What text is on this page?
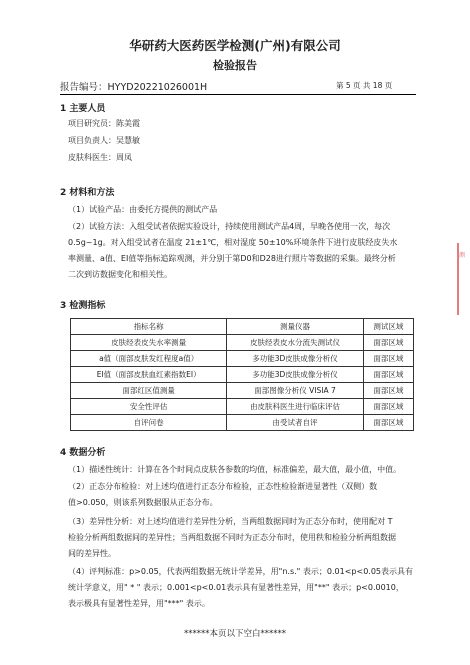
华研药大医药医学检测(广州)有限公司
检验报告
报告编号：HYYD20221026001H	第 5 页 共 18 页
1 主要人员
项目研究员：陈美霞
项目负责人：吴慧敏
皮肤科医生：周凤
2 材料和方法
（1）试验产品：由委托方提供的测试产品
（2）试验方法：入组受试者依据实验设计，持续使用测试产品4周，早晚各使用一次，每次
0.5g~1g。对入组受试者在温度 21±1℃，相对湿度 50±10%环境条件下进行皮肤经皮失水
率测量、a值、EI值等指标追踪观测，并分别于第D0和D28进行照片等数据的采集。最终分析
二次到访数据变化和相关性。
3 检测指标
指标名称	测量仪器	测试区域
皮肤经表皮失水率测量	皮肤经表皮水分流失测试仪	面部区域
a值（面部皮肤发红程度a值）	多功能3D皮肤成像分析仪	面部区域
EI值（面部皮肤血红素指数EI）	多功能3D皮肤成像分析仪	面部区域
面部红区值测量	面部图像分析仪 VISIA 7	面部区域
安全性评估	由皮肤科医生进行临床评估	面部区域
自评问卷	由受试者自评	面部区域
4 数据分析
（1）描述性统计：计算在各个时间点皮肤各参数的均值，标准偏差，最大值，最小值，中值。
（2）正态分布检验：对上述均值进行正态分布检验，正态性检验渐进显著性（双侧）数
值>0.050，则该系列数据服从正态分布。
（3）差异性分析：对上述均值进行差异性分析，当两组数据同时为正态分布时，使用配对 T
检验分析两组数据间的差异性；当两组数据不同时为正态分布时，使用秩和检验分析两组数据
间的差异性。
（4）评判标准：p>0.05，代表两组数据无统计学差异，用"n.s." 表示；0.01<p<0.05表示具有
统计学意义，用" * " 表示；0.001<p<0.01表示具有显著性差异，用"**" 表示；p<0.0010，
表示极具有显著性差异，用"***" 表示。
******本页以下空白******
测
